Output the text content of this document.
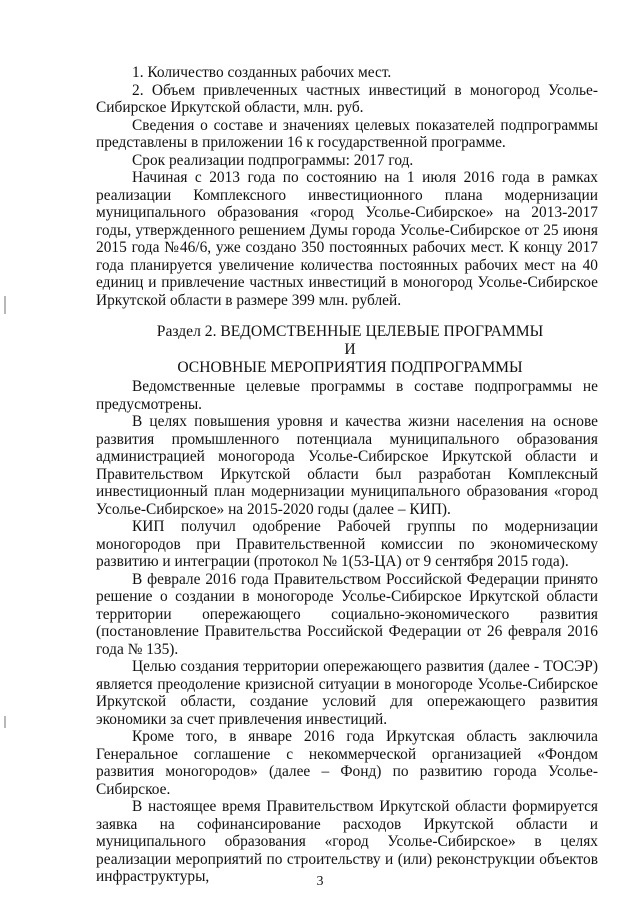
1. Количество созданных рабочих мест.

2. Объем привлеченных частных инвестиций в моногород Усолье-Сибирское Иркутской области, млн. руб.

Сведения о составе и значениях целевых показателей подпрограммы представлены в приложении 16 к государственной программе.

Срок реализации подпрограммы: 2017 год.

Начиная с 2013 года по состоянию на 1 июля 2016 года в рамках реализации Комплексного инвестиционного плана модернизации муниципального образования «город Усолье-Сибирское» на 2013-2017 годы, утвержденного решением Думы города Усолье-Сибирское от 25 июня 2015 года №46/6, уже создано 350 постоянных рабочих мест. К концу 2017 года планируется увеличение количества постоянных рабочих мест на 40 единиц и привлечение частных инвестиций в моногород Усолье-Сибирское Иркутской области в размере 399 млн. рублей.

Раздел 2. ВЕДОМСТВЕННЫЕ ЦЕЛЕВЫЕ ПРОГРАММЫ И
ОСНОВНЫЕ МЕРОПРИЯТИЯ ПОДПРОГРАММЫ

Ведомственные целевые программы в составе подпрограммы не предусмотрены.

В целях повышения уровня и качества жизни населения на основе развития промышленного потенциала муниципального образования администрацией моногорода Усолье-Сибирское Иркутской области и Правительством Иркутской области был разработан Комплексный инвестиционный план модернизации муниципального образования «город Усолье-Сибирское» на 2015-2020 годы (далее – КИП).

КИП получил одобрение Рабочей группы по модернизации моногородов при Правительственной комиссии по экономическому развитию и интеграции (протокол № 1(53-ЦА) от 9 сентября 2015 года).

В феврале 2016 года Правительством Российской Федерации принято решение о создании в моногороде Усолье-Сибирское Иркутской области территории опережающего социально-экономического развития (постановление Правительства Российской Федерации от 26 февраля 2016 года № 135).

Целью создания территории опережающего развития (далее - ТОСЭР) является преодоление кризисной ситуации в моногороде Усолье-Сибирское Иркутской области, создание условий для опережающего развития экономики за счет привлечения инвестиций.

Кроме того, в январе 2016 года Иркутская область заключила Генеральное соглашение с некоммерческой организацией «Фондом развития моногородов» (далее – Фонд) по развитию города Усолье-Сибирское.

В настоящее время Правительством Иркутской области формируется заявка на софинансирование расходов Иркутской области и муниципального образования «город Усолье-Сибирское» в целях реализации мероприятий по строительству и (или) реконструкции объектов инфраструктуры,	3
